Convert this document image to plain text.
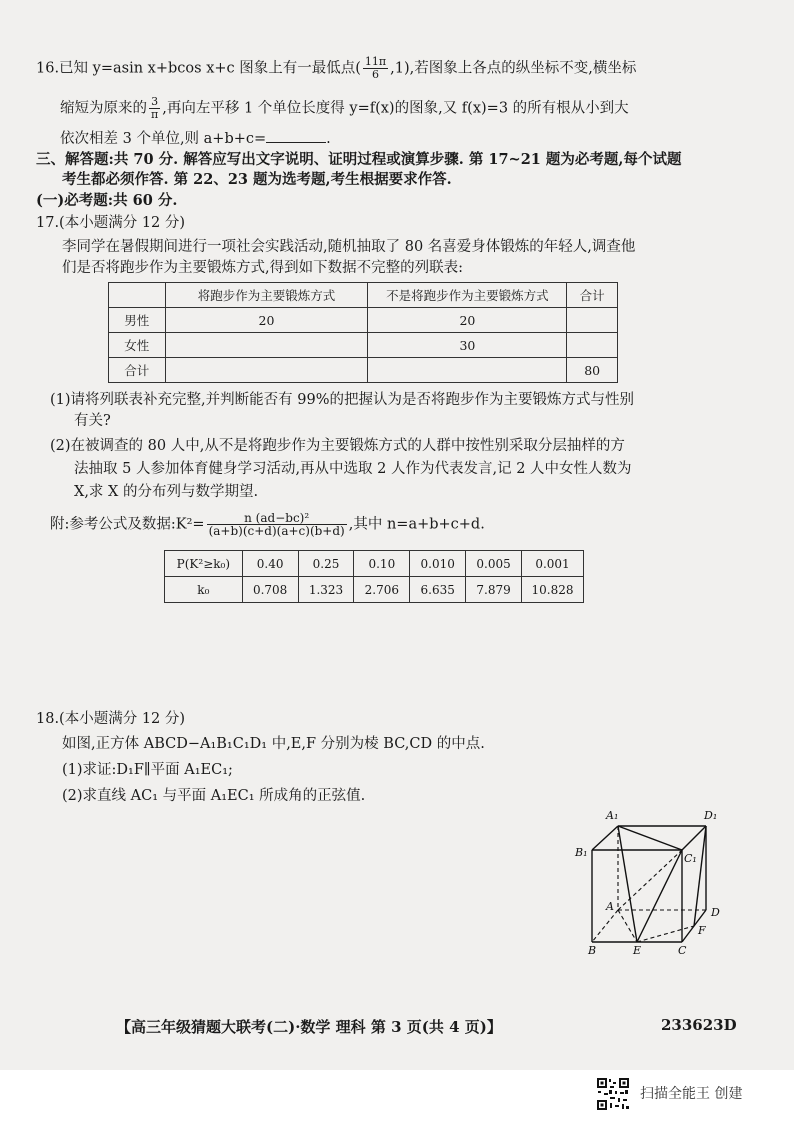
16.已知 y=asin x+bcos x+c 图象上有一最低点( $\frac{11\pi}{6} ,1$),若图象上各点的纵坐标不变,横坐标
缩短为原来的 $\frac{3}{\pi}$ ,再向左平移 1 个单位长度得 y=f(x)的图象,又 f(x)=3 的所有根从小到大
依次相差 3 个单位,则 a+b+c=	.
三、解答题:共 70 分. 解答应写出文字说明、证明过程或演算步骤. 第 17~21 题为必考题,每个试题
考生都必须作答. 第 22、23 题为选考题,考生根据要求作答.
(一)必考题:共 60 分.
17.(本小题满分 12 分)
李同学在暑假期间进行一项社会实践活动,随机抽取了 80 名喜爱身体锻炼的年轻人,调查他
们是否将跑步作为主要锻炼方式,得到如下数据不完整的列联表:
	将跑步作为主要锻炼方式	不是将跑步作为主要锻炼方式	合计
男性	20	20	
女性		30	
合计			80
(1)请将列联表补充完整,并判断能否有 99%的把握认为是否将跑步作为主要锻炼方式与性别
有关?
(2)在被调查的 80 人中,从不是将跑步作为主要锻炼方式的人群中按性别采取分层抽样的方
法抽取 5 人参加体育健身学习活动,再从中选取 2 人作为代表发言,记 2 人中女性人数为
X,求 X 的分布列与数学期望.
附:参考公式及数据:K²= $\frac{\text{n (ad−bc)²}}{(a+b)(c+d)(a+c)(b+d)}$ ,其中 n=a+b+c+d.
P(K²≥k₀)	0.40	0.25	0.10	0.010	0.005	0.001
k₀	0.708	1.323	2.706	6.635	7.879	10.828
18.(本小题满分 12 分)
如图,正方体 ABCD−A₁B₁C₁D₁ 中,E,F 分别为棱 BC,CD 的中点.
(1)求证:D₁F∥平面 A₁EC₁;
(2)求直线 AC₁ 与平面 A₁EC₁ 所成角的正弦值.
A₁	D₁
B₁	C₁
A	D
B	E	C
F
【高三年级猜题大联考(二)·数学 理科 第 3 页(共 4 页)】	233623D
扫描全能王 创建
